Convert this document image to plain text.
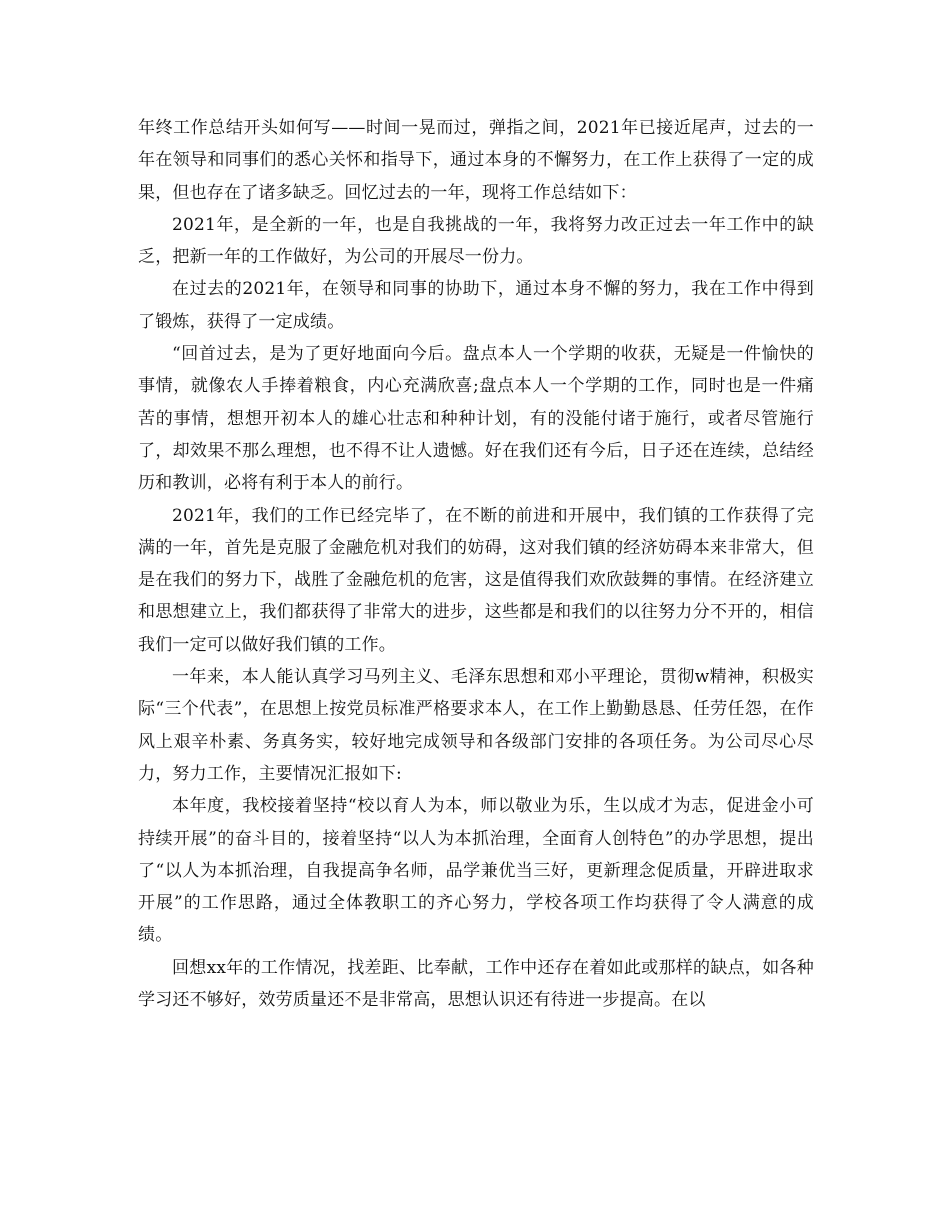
年终工作总结开头如何写——时间一晃而过，弹指之间，2021年已接近尾声，过去的一年在领导和同事们的悉心关怀和指导下，通过本身的不懈努力，在工作上获得了一定的成果，但也存在了诸多缺乏。回忆过去的一年，现将工作总结如下：

2021年，是全新的一年，也是自我挑战的一年，我将努力改正过去一年工作中的缺乏，把新一年的工作做好，为公司的开展尽一份力。

在过去的2021年，在领导和同事的协助下，通过本身不懈的努力，我在工作中得到了锻炼，获得了一定成绩。

“回首过去，是为了更好地面向今后。盘点本人一个学期的收获，无疑是一件愉快的事情，就像农人手捧着粮食，内心充满欣喜;盘点本人一个学期的工作，同时也是一件痛苦的事情，想想开初本人的雄心壮志和种种计划，有的没能付诸于施行，或者尽管施行了，却效果不那么理想，也不得不让人遗憾。好在我们还有今后，日子还在连续，总结经历和教训，必将有利于本人的前行。

2021年，我们的工作已经完毕了，在不断的前进和开展中，我们镇的工作获得了完满的一年，首先是克服了金融危机对我们的妨碍，这对我们镇的经济妨碍本来非常大，但是在我们的努力下，战胜了金融危机的危害，这是值得我们欢欣鼓舞的事情。在经济建立和思想建立上，我们都获得了非常大的进步，这些都是和我们的以往努力分不开的，相信我们一定可以做好我们镇的工作。

一年来，本人能认真学习马列主义、毛泽东思想和邓小平理论，贯彻w精神，积极实际“三个代表”，在思想上按党员标准严格要求本人，在工作上勤勤恳恳、任劳任怨，在作风上艰辛朴素、务真务实，较好地完成领导和各级部门安排的各项任务。为公司尽心尽力，努力工作，主要情况汇报如下:

本年度，我校接着坚持“校以育人为本，师以敬业为乐，生以成才为志，促进金小可持续开展”的奋斗目的，接着坚持“以人为本抓治理，全面育人创特色”的办学思想，提出了“以人为本抓治理，自我提高争名师，品学兼优当三好，更新理念促质量，开辟进取求开展”的工作思路，通过全体教职工的齐心努力，学校各项工作均获得了令人满意的成绩。

回想xx年的工作情况，找差距、比奉献，工作中还存在着如此或那样的缺点，如各种学习还不够好，效劳质量还不是非常高，思想认识还有待进一步提高。在以
